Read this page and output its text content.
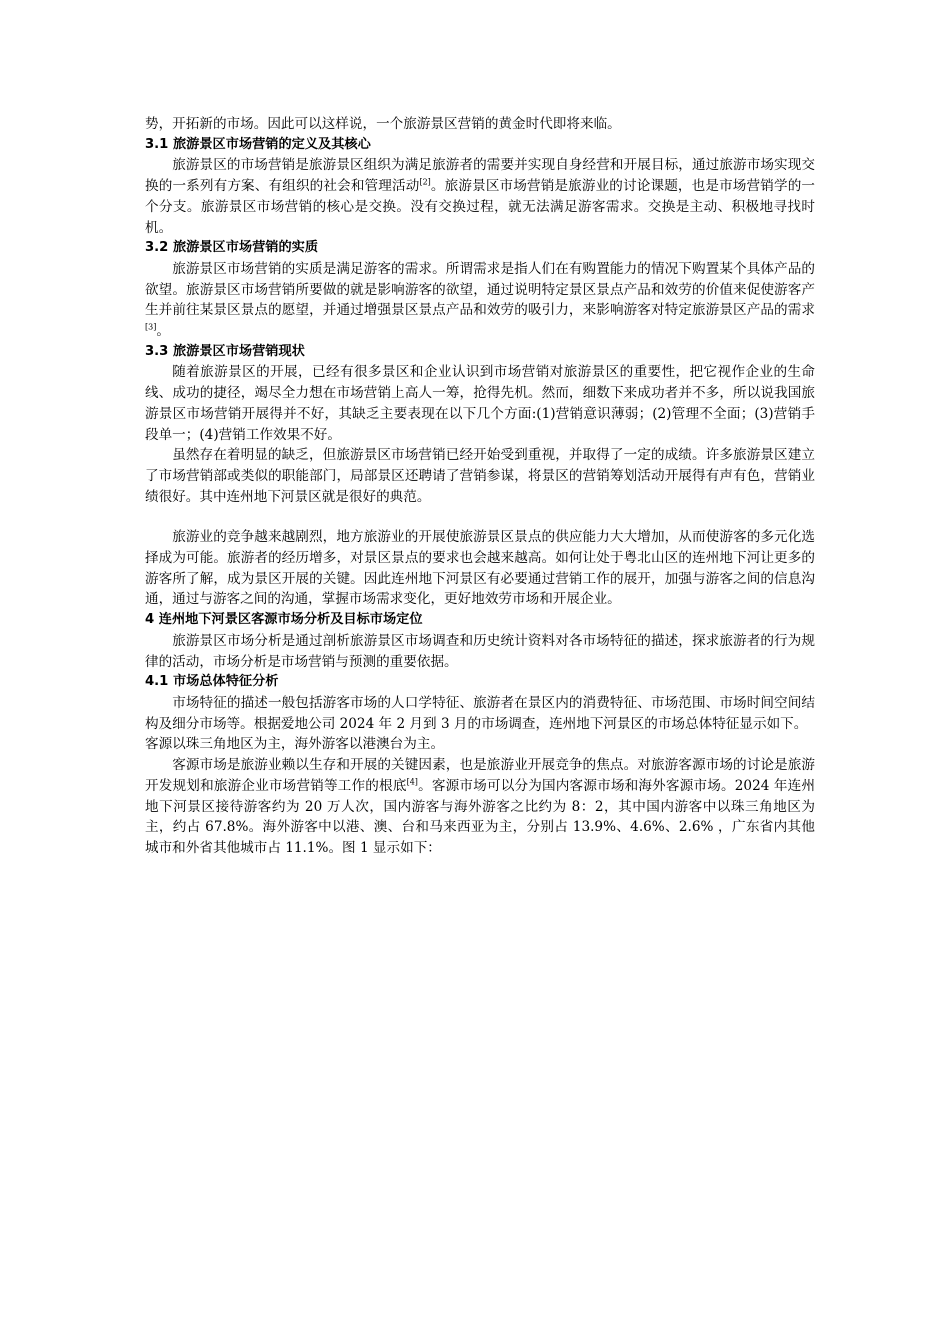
势，开拓新的市场。因此可以这样说，一个旅游景区营销的黄金时代即将来临。

3.1 旅游景区市场营销的定义及其核心

旅游景区的市场营销是旅游景区组织为满足旅游者的需要并实现自身经营和开展目标，通过旅游市场实现交换的一系列有方案、有组织的社会和管理活动[2]。旅游景区市场营销是旅游业的讨论课题，也是市场营销学的一个分支。旅游景区市场营销的核心是交换。没有交换过程，就无法满足游客需求。交换是主动、积极地寻找时机。

3.2 旅游景区市场营销的实质

旅游景区市场营销的实质是满足游客的需求。所谓需求是指人们在有购置能力的情况下购置某个具体产品的欲望。旅游景区市场营销所要做的就是影响游客的欲望，通过说明特定景区景点产品和效劳的价值来促使游客产生并前往某景区景点的愿望，并通过增强景区景点产品和效劳的吸引力，来影响游客对特定旅游景区产品的需求[3]。

3.3 旅游景区市场营销现状

随着旅游景区的开展，已经有很多景区和企业认识到市场营销对旅游景区的重要性，把它视作企业的生命线、成功的捷径，竭尽全力想在市场营销上高人一筹，抢得先机。然而，细数下来成功者并不多，所以说我国旅游景区市场营销开展得并不好，其缺乏主要表现在以下几个方面:(1)营销意识薄弱；(2)管理不全面；(3)营销手段单一；(4)营销工作效果不好。

虽然存在着明显的缺乏，但旅游景区市场营销已经开始受到重视，并取得了一定的成绩。许多旅游景区建立了市场营销部或类似的职能部门，局部景区还聘请了营销参谋，将景区的营销筹划活动开展得有声有色，营销业绩很好。其中连州地下河景区就是很好的典范。

旅游业的竞争越来越剧烈，地方旅游业的开展使旅游景区景点的供应能力大大增加，从而使游客的多元化选择成为可能。旅游者的经历增多，对景区景点的要求也会越来越高。如何让处于粤北山区的连州地下河让更多的游客所了解，成为景区开展的关键。因此连州地下河景区有必要通过营销工作的展开，加强与游客之间的信息沟通，通过与游客之间的沟通，掌握市场需求变化，更好地效劳市场和开展企业。

4 连州地下河景区客源市场分析及目标市场定位

旅游景区市场分析是通过剖析旅游景区市场调查和历史统计资料对各市场特征的描述，探求旅游者的行为规律的活动，市场分析是市场营销与预测的重要依据。

4.1 市场总体特征分析

市场特征的描述一般包括游客市场的人口学特征、旅游者在景区内的消费特征、市场范围、市场时间空间结构及细分市场等。根据爱地公司 2024 年 2 月到 3 月的市场调查，连州地下河景区的市场总体特征显示如下。

客源以珠三角地区为主，海外游客以港澳台为主。

客源市场是旅游业赖以生存和开展的关键因素，也是旅游业开展竞争的焦点。对旅游客源市场的讨论是旅游开发规划和旅游企业市场营销等工作的根底[4]。客源市场可以分为国内客源市场和海外客源市场。2024 年连州地下河景区接待游客约为 20 万人次，国内游客与海外游客之比约为 8：2，其中国内游客中以珠三角地区为主，约占 67.8%。海外游客中以港、澳、台和马来西亚为主，分别占 13.9%、4.6%、2.6% ，广东省内其他城市和外省其他城市占 11.1%。图 1 显示如下：
